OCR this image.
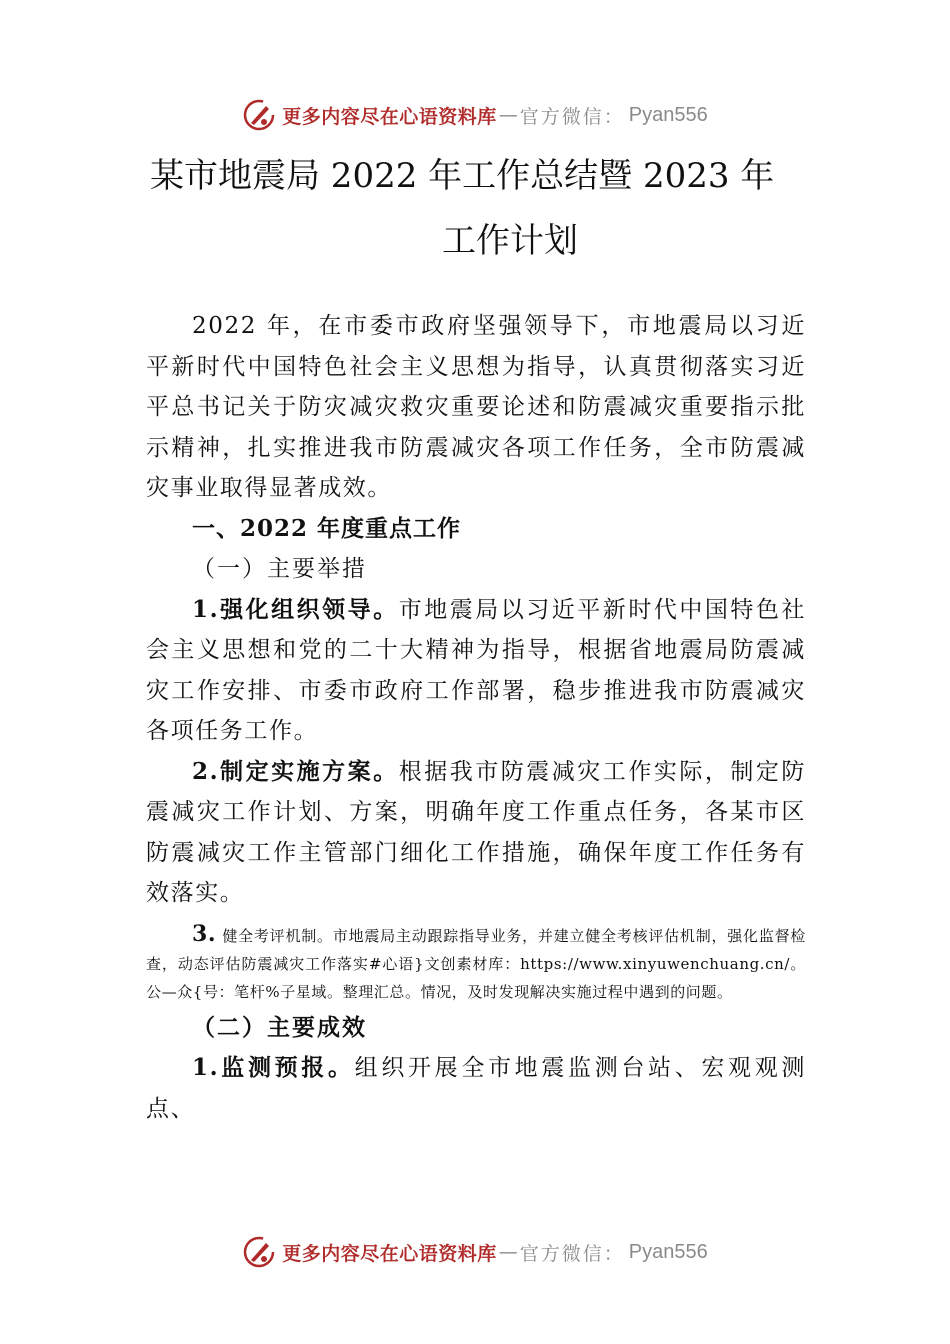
更多内容尽在心语资料库 — 官方微信： Pyan556
某市地震局 2022 年工作总结暨 2023 年
工作计划

2022 年，在市委市政府坚强领导下，市地震局以习近平新时代中国特色社会主义思想为指导，认真贯彻落实习近平总书记关于防灾减灾救灾重要论述和防震减灾重要指示批示精神，扎实推进我市防震减灾各项工作任务，全市防震减灾事业取得显著成效。

一、2022 年度重点工作
（一）主要举措

1.强化组织领导。市地震局以习近平新时代中国特色社会主义思想和党的二十大精神为指导，根据省地震局防震减灾工作安排、市委市政府工作部署，稳步推进我市防震减灾各项任务工作。

2.制定实施方案。根据我市防震减灾工作实际，制定防震减灾工作计划、方案，明确年度工作重点任务，各某市区防震减灾工作主管部门细化工作措施，确保年度工作任务有效落实。

3. 健全考评机制。市地震局主动跟踪指导业务，并建立健全考核评估机制，强化监督检查，动态评估防震减灾工作落实#心语}文创素材库：https://www.xinyuwenchuang.cn/。公—众{号：笔杆%子星域。整理汇总。情况，及时发现解决实施过程中遇到的问题。

（二）主要成效

1.监测预报。组织开展全市地震监测台站、宏观观测点、

更多内容尽在心语资料库 — 官方微信： Pyan556
